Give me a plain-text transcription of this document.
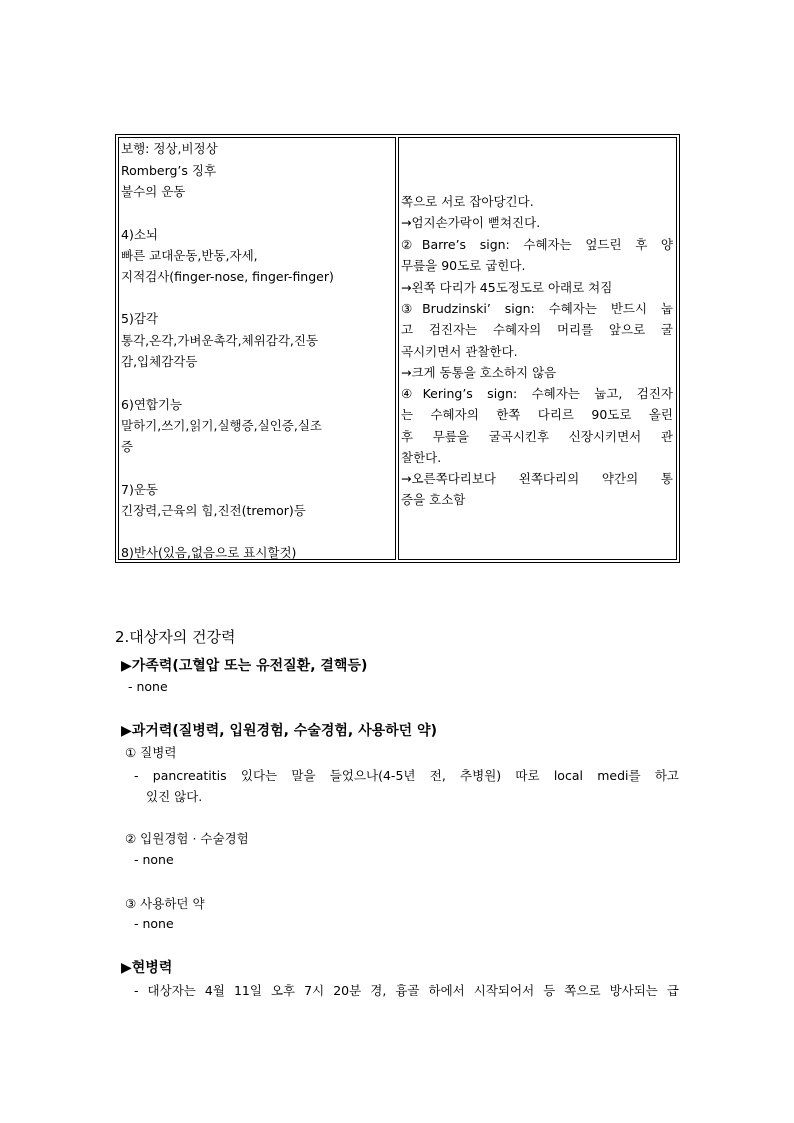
보행: 정상,비정상
Romberg’s 징후
불수의 운동
4)소뇌
빠른 교대운동,반동,자세,
지적검사(finger-nose, finger-finger)
5)감각
통각,온각,가벼운촉각,체위감각,진동
감,입체감각등
6)연합기능
말하기,쓰기,읽기,실행증,실인증,실조
증
7)운동
긴장력,근육의 힘,진전(tremor)등
8)반사(있음,없음으로 표시할것)
쪽으로 서로 잡아당긴다.
→엄지손가락이 뻗쳐진다.
②Barre’s sign: 수혜자는 엎드린 후 양
무릎을 90도로 굽힌다.
→왼쪽 다리가 45도정도로 아래로 쳐짐
③Brudzinski’ sign: 수혜자는 반드시 눕
고 검진자는 수혜자의 머리를 앞으로 굴
곡시키면서 관찰한다.
→크게 동통을 호소하지 않음
④Kering’s sign: 수혜자는 눕고, 검진자
는 수혜자의 한쪽 다리르 90도로 올린
후 무릎을 굴곡시킨후 신장시키면서 관
찰한다.
→오른쪽다리보다 왼쪽다리의 약간의 통
증을 호소함
2.대상자의 건강력
▶가족력(고혈압 또는 유전질환, 결핵등)
- none
▶과거력(질병력, 입원경험, 수술경험, 사용하던 약)
① 질병력
- pancreatitis 있다는 말을 들었으나(4-5년 전, 추병원) 따로 local medi를 하고
있진 않다.
② 입원경험 · 수술경험
- none
③ 사용하던 약
- none
▶현병력
- 대상자는 4월 11일 오후 7시 20분 경, 흉골 하에서 시작되어서 등 쪽으로 방사되는 급
